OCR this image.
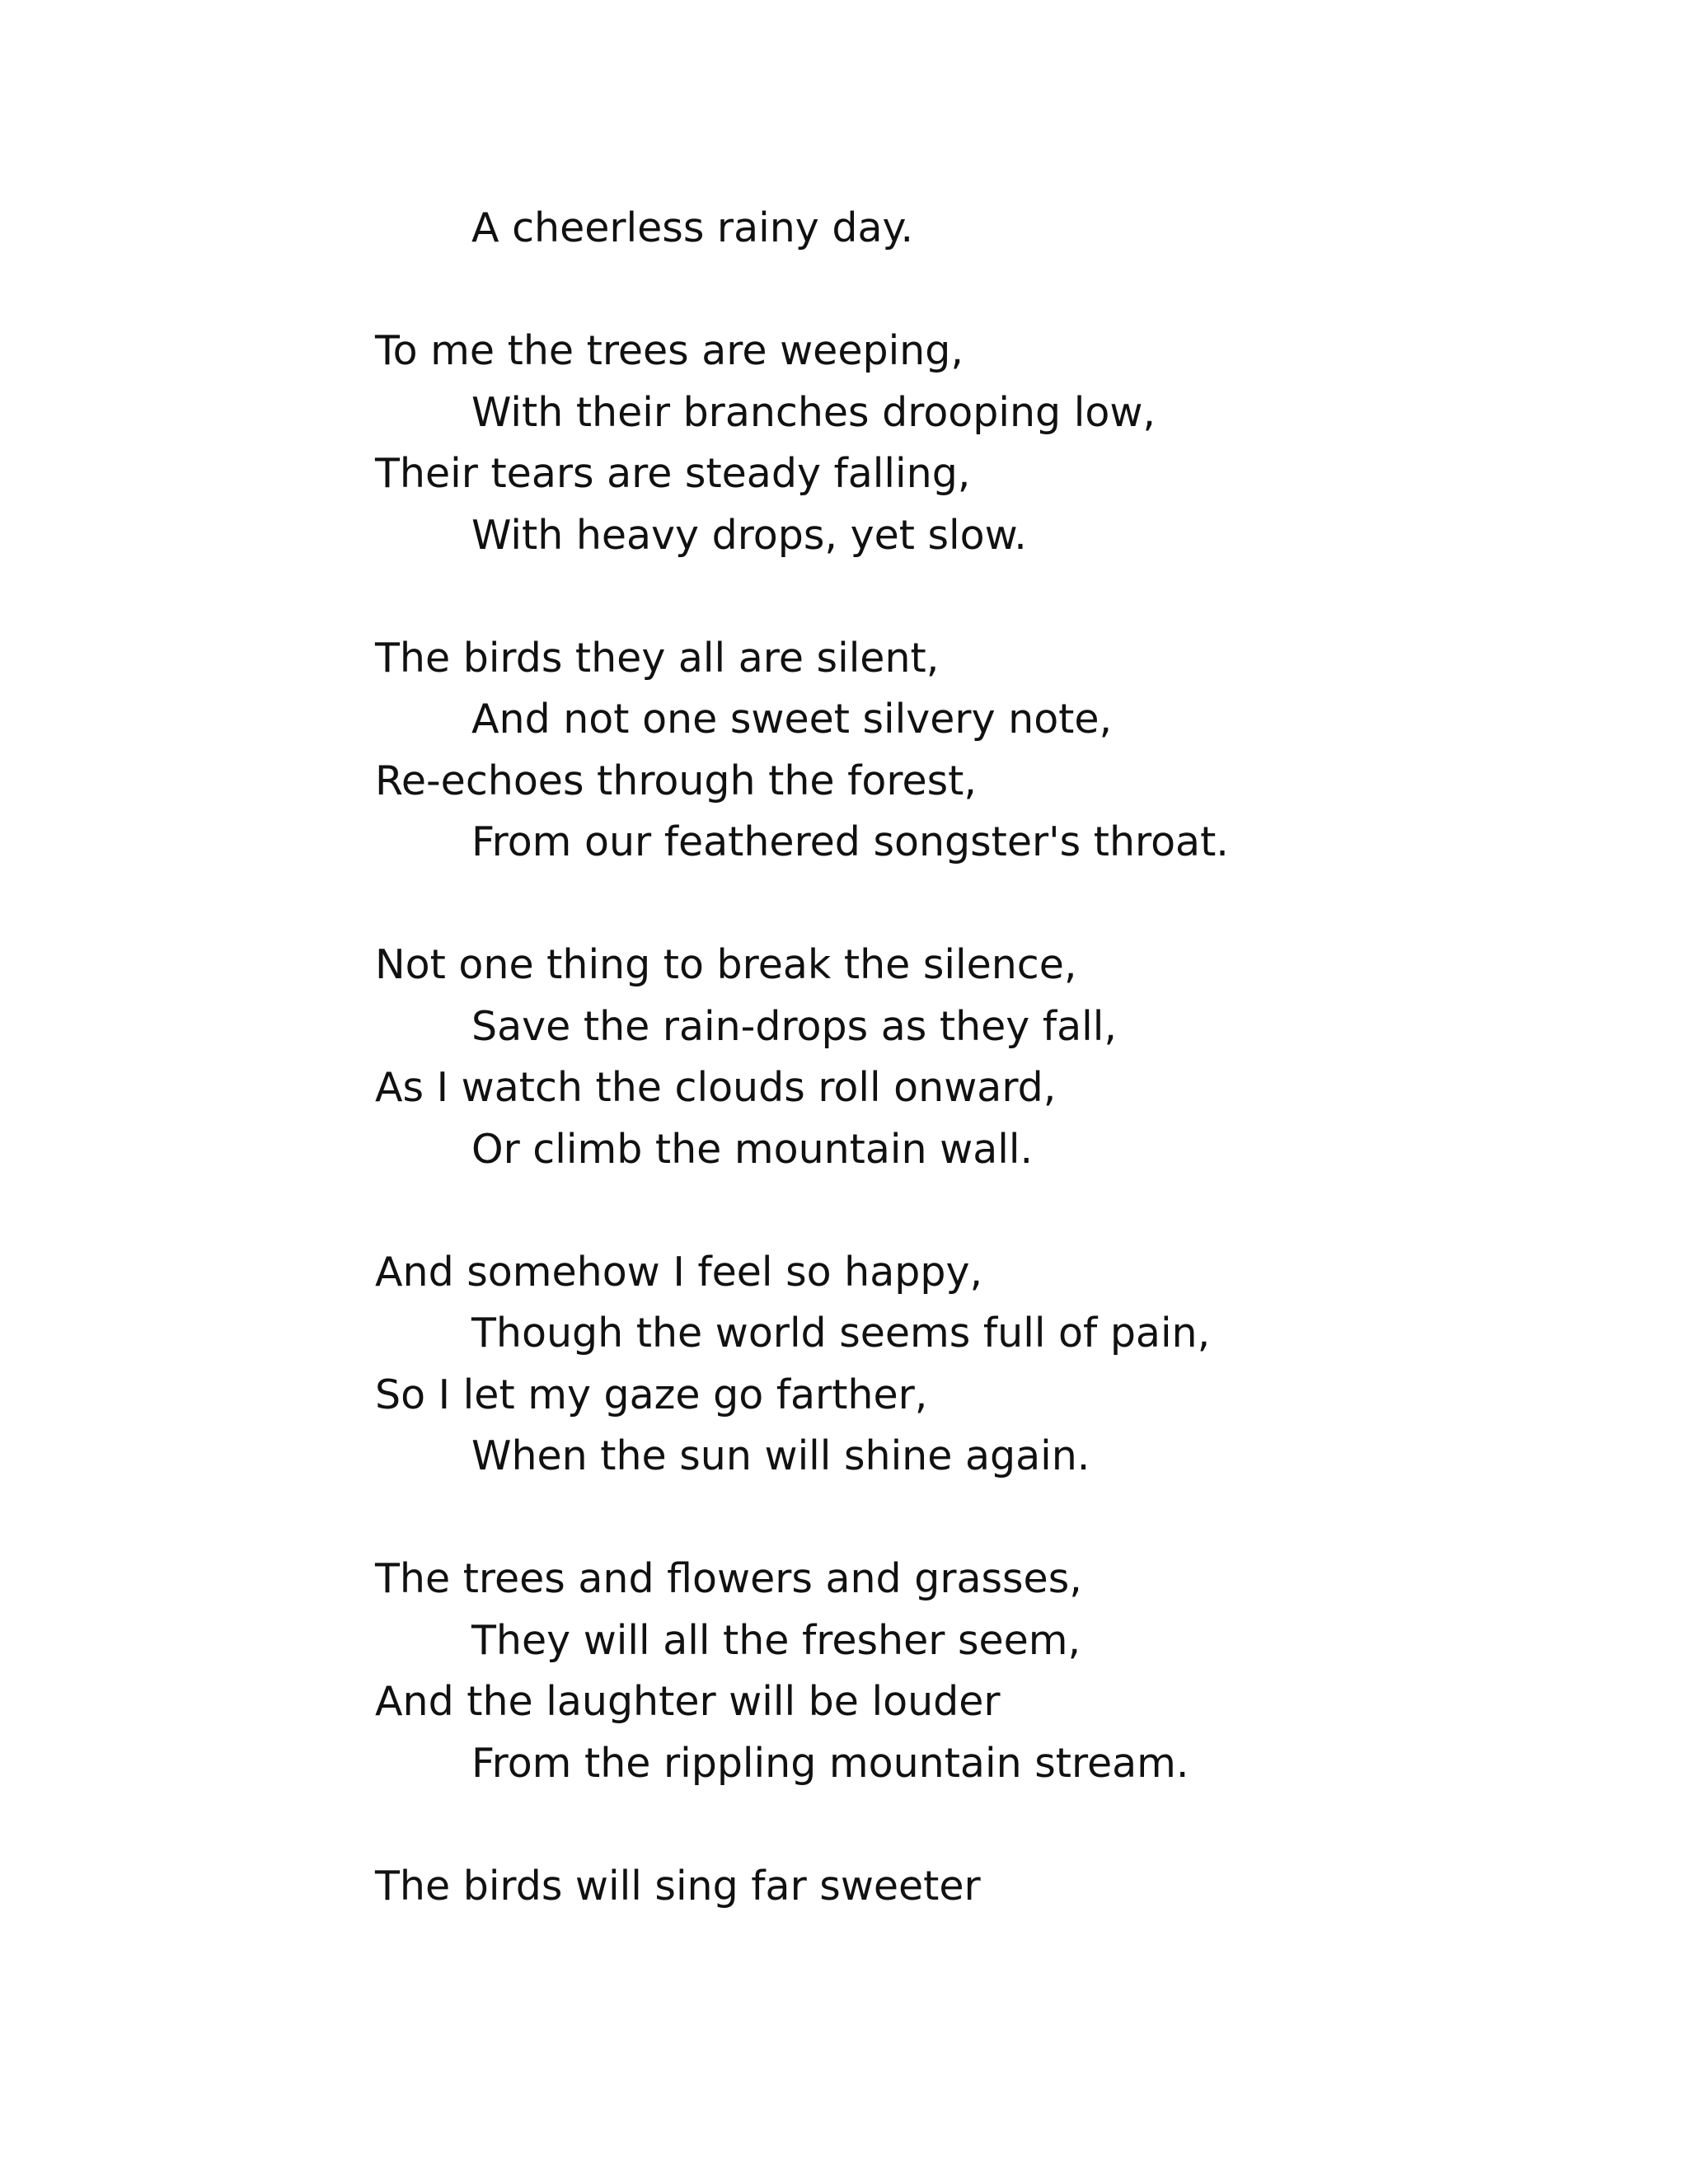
A cheerless rainy day.
To me the trees are weeping,
With their branches drooping low,
Their tears are steady falling,
With heavy drops, yet slow.
The birds they all are silent,
And not one sweet silvery note,
Re-echoes through the forest,
From our feathered songster's throat.
Not one thing to break the silence,
Save the rain-drops as they fall,
As I watch the clouds roll onward,
Or climb the mountain wall.
And somehow I feel so happy,
Though the world seems full of pain,
So I let my gaze go farther,
When the sun will shine again.
The trees and flowers and grasses,
They will all the fresher seem,
And the laughter will be louder
From the rippling mountain stream.
The birds will sing far sweeter
